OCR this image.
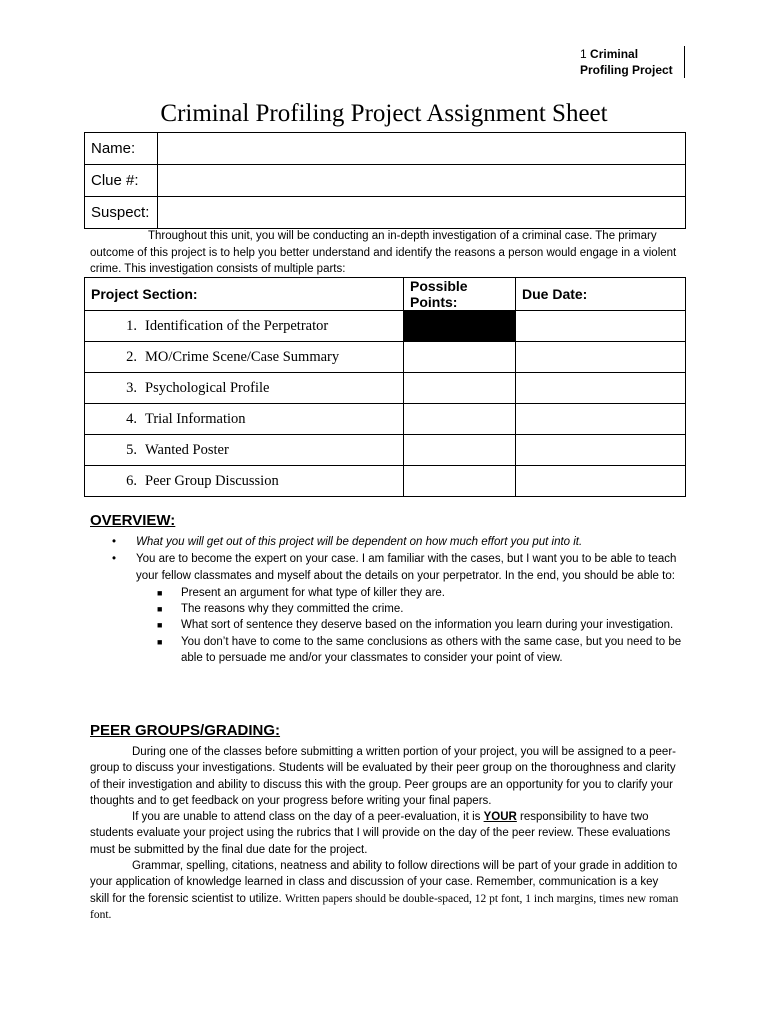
1 Criminal
Profiling Project
Criminal Profiling Project Assignment Sheet
Name:	
Clue #:	
Suspect:	

Throughout this unit, you will be conducting an in-depth investigation of a criminal case. The primary outcome of this project is to help you better understand and identify the reasons a person would engage in a violent crime. This investigation consists of multiple parts:

Project Section:	Possible Points:	Due Date:
1. Identification of the Perpetrator		
2. MO/Crime Scene/Case Summary		
3. Psychological Profile		
4. Trial Information		
5. Wanted Poster		
6. Peer Group Discussion		
OVERVIEW:
• What you will get out of this project will be dependent on how much effort you put into it.
• You are to become the expert on your case. I am familiar with the cases, but I want you to be able to teach your fellow classmates and myself about the details on your perpetrator. In the end, you should be able to:
■ Present an argument for what type of killer they are.
■ The reasons why they committed the crime.
■ What sort of sentence they deserve based on the information you learn during your investigation.
■ You don’t have to come to the same conclusions as others with the same case, but you need to be able to persuade me and/or your classmates to consider your point of view.
PEER GROUPS/GRADING:

During one of the classes before submitting a written portion of your project, you will be assigned to a peer-group to discuss your investigations. Students will be evaluated by their peer group on the thoroughness and clarity of their investigation and ability to discuss this with the group. Peer groups are an opportunity for you to clarify your thoughts and to get feedback on your progress before writing your final papers.

If you are unable to attend class on the day of a peer-evaluation, it is YOUR responsibility to have two students evaluate your project using the rubrics that I will provide on the day of the peer review. These evaluations must be submitted by the final due date for the project.

Grammar, spelling, citations, neatness and ability to follow directions will be part of your grade in addition to your application of knowledge learned in class and discussion of your case. Remember, communication is a key skill for the forensic scientist to utilize. Written papers should be double-spaced, 12 pt font, 1 inch margins, times new roman font.
